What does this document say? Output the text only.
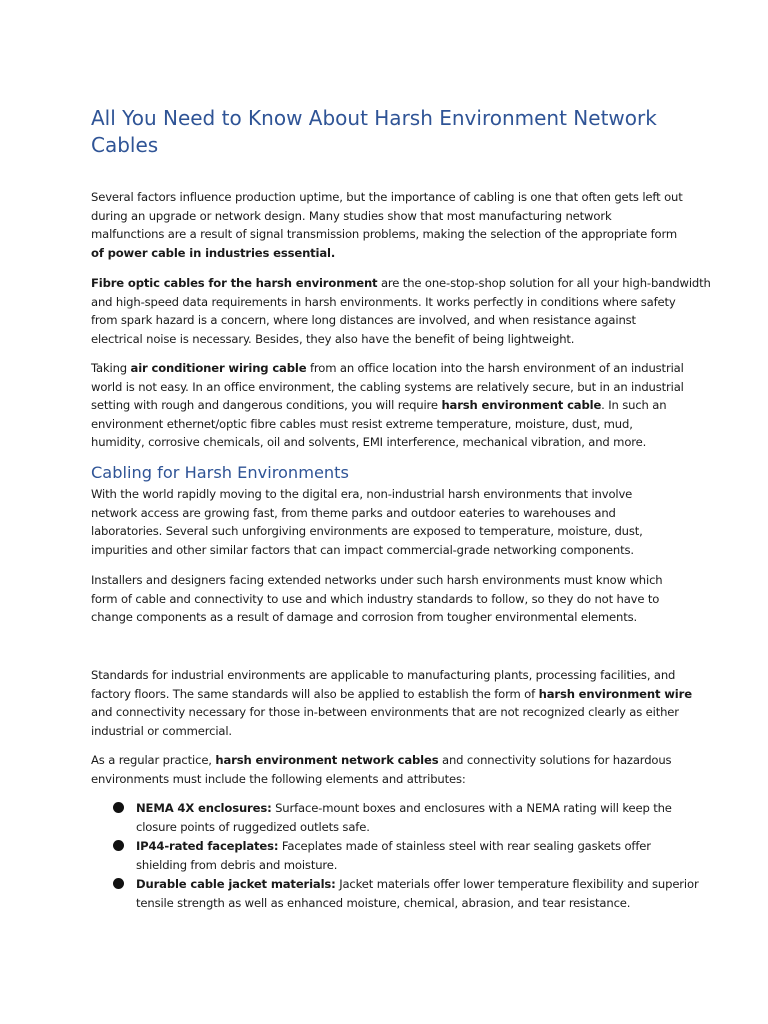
All You Need to Know About Harsh Environment Network
Cables

Several factors influence production uptime, but the importance of cabling is one that often gets left out
during an upgrade or network design. Many studies show that most manufacturing network
malfunctions are a result of signal transmission problems, making the selection of the appropriate form
of power cable in industries essential.

Fibre optic cables for the harsh environment are the one-stop-shop solution for all your high-bandwidth
and high-speed data requirements in harsh environments. It works perfectly in conditions where safety
from spark hazard is a concern, where long distances are involved, and when resistance against
electrical noise is necessary. Besides, they also have the benefit of being lightweight.

Taking air conditioner wiring cable from an office location into the harsh environment of an industrial
world is not easy. In an office environment, the cabling systems are relatively secure, but in an industrial
setting with rough and dangerous conditions, you will require harsh environment cable. In such an
environment ethernet/optic fibre cables must resist extreme temperature, moisture, dust, mud,
humidity, corrosive chemicals, oil and solvents, EMI interference, mechanical vibration, and more.

Cabling for Harsh Environments

With the world rapidly moving to the digital era, non-industrial harsh environments that involve
network access are growing fast, from theme parks and outdoor eateries to warehouses and
laboratories. Several such unforgiving environments are exposed to temperature, moisture, dust,
impurities and other similar factors that can impact commercial-grade networking components.

Installers and designers facing extended networks under such harsh environments must know which
form of cable and connectivity to use and which industry standards to follow, so they do not have to
change components as a result of damage and corrosion from tougher environmental elements.

Standards for industrial environments are applicable to manufacturing plants, processing facilities, and
factory floors. The same standards will also be applied to establish the form of harsh environment wire
and connectivity necessary for those in-between environments that are not recognized clearly as either
industrial or commercial.

As a regular practice, harsh environment network cables and connectivity solutions for hazardous
environments must include the following elements and attributes:

NEMA 4X enclosures: Surface-mount boxes and enclosures with a NEMA rating will keep the
closure points of ruggedized outlets safe.
IP44-rated faceplates: Faceplates made of stainless steel with rear sealing gaskets offer
shielding from debris and moisture.
Durable cable jacket materials: Jacket materials offer lower temperature flexibility and superior
tensile strength as well as enhanced moisture, chemical, abrasion, and tear resistance.
